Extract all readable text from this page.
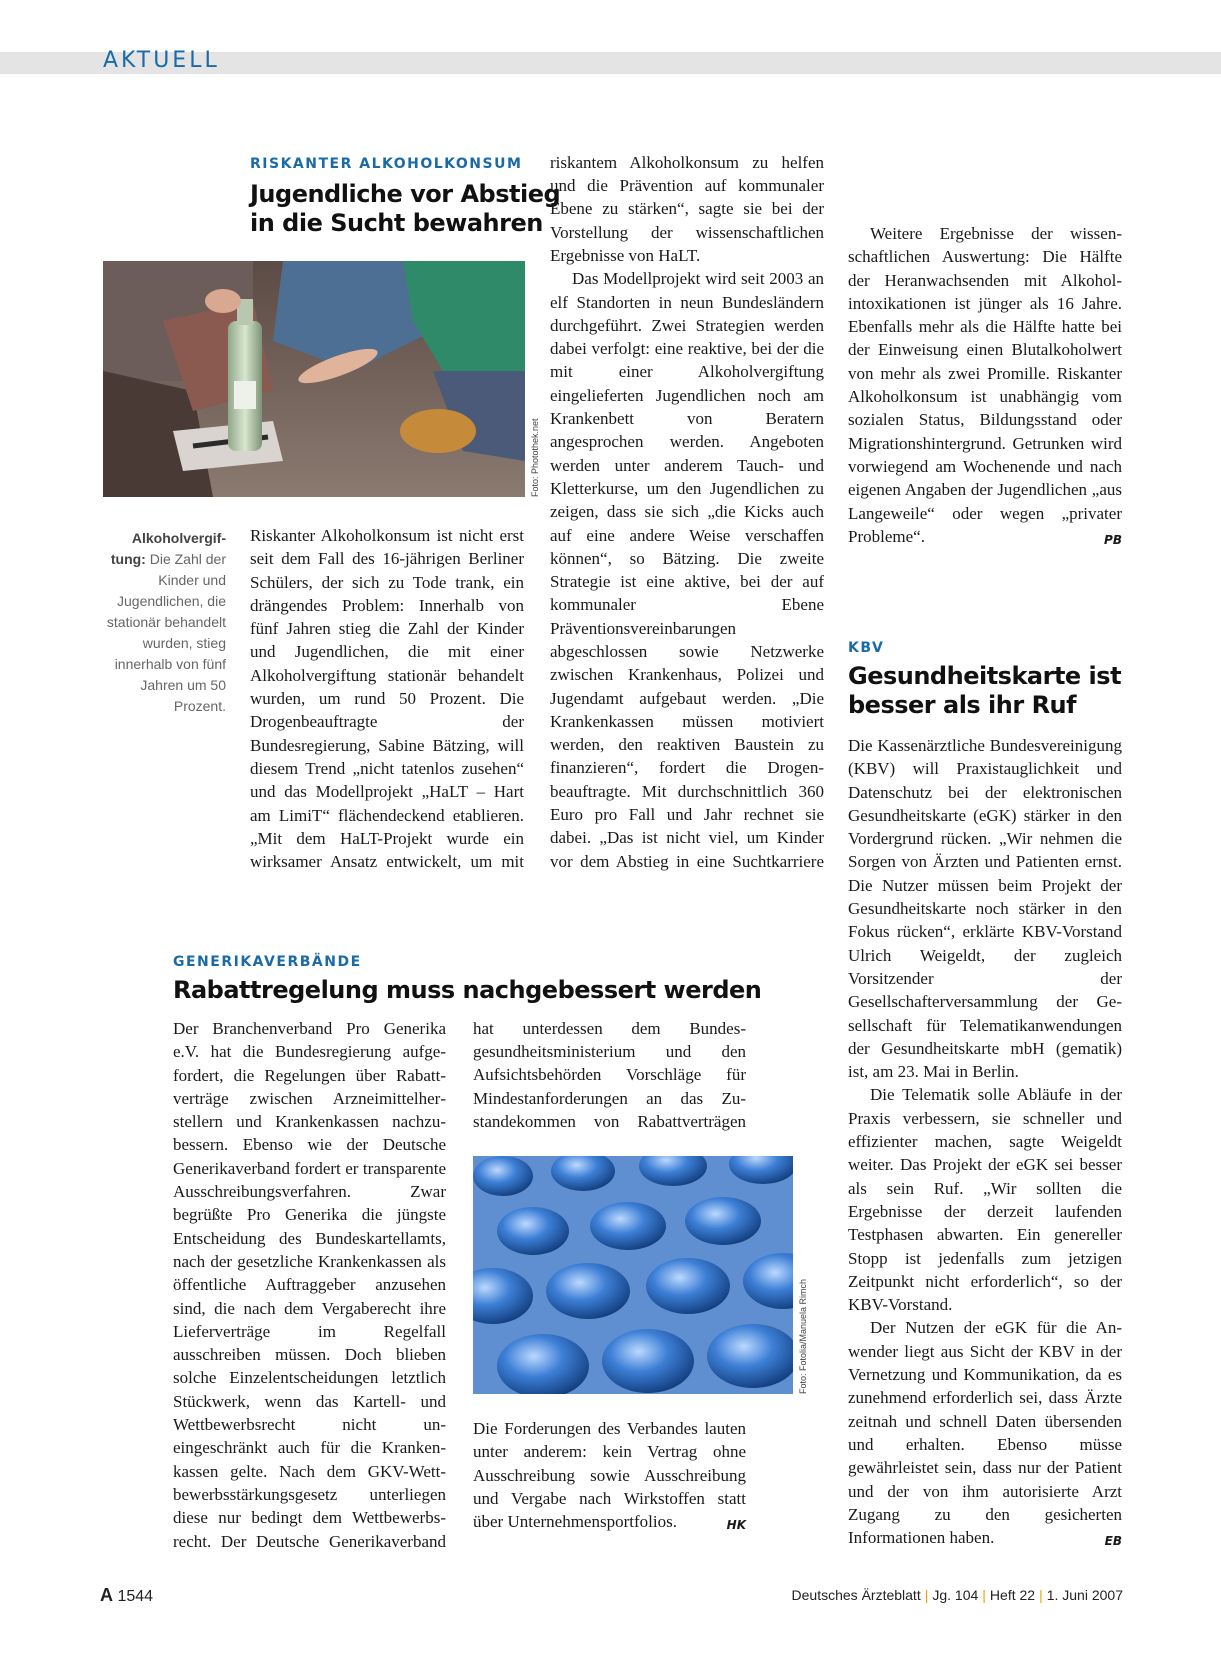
AKTUELL
RISKANTER ALKOHOLKONSUM
Jugendliche vor Abstieg
in die Sucht bewahren
Foto: Photothek.net
Alkoholvergif-tung: Die Zahl der Kinder und Jugendlichen, die stationär behandelt wurden, stieg innerhalb von fünf Jahren um 50 Prozent.

Riskanter Alkoholkonsum ist nicht erst seit dem Fall des 16-jährigen Berliner Schülers, der sich zu Tode trank, ein drängendes Problem: Innerhalb von fünf Jahren stieg die Zahl der Kinder und Jugendlichen, die mit einer Alkoholvergiftung stationär behandelt wurden, um rund 50 Prozent. Die Drogenbeauftragte der Bundesregierung, Sabine Bätzing, will diesem Trend „nicht tatenlos zusehen“ und das Modellprojekt „HaLT – Hart am LimiT“ flächendeckend etablieren. „Mit dem HaLT-Projekt wurde ein wirksamer Ansatz entwickelt, um mit

riskantem Alkoholkonsum zu helfen und die Prävention auf kommunaler Ebene zu stärken“, sagte sie bei der Vorstellung der wissenschaftlichen Ergebnisse von HaLT.

Das Modellprojekt wird seit 2003 an elf Standorten in neun Bundesländern durchgeführt. Zwei Strategien werden dabei verfolgt: eine reaktive, bei der die mit einer Alkoholvergiftung eingelieferten Jugendlichen noch am Krankenbett von Beratern angesprochen werden. Angeboten werden unter anderem Tauch- und Kletterkurse, um den Jugendlichen zu zeigen, dass sie sich „die Kicks auch auf eine andere Weise verschaffen können“, so Bätzing. Die zweite Strategie ist eine aktive, bei der auf kommunaler Ebene Präventionsvereinbarungen abgeschlossen sowie Netzwerke zwischen Krankenhaus, Polizei und Jugendamt aufgebaut werden. „Die Krankenkassen müssen motiviert werden, den reaktiven Baustein zu finanzieren“, fordert die Drogenbeauftragte. Mit durchschnittlich 360 Euro pro Fall und Jahr rechnet sie dabei. „Das ist nicht viel, um Kinder vor dem Abstieg in eine Suchtkarriere

Weitere Ergebnisse der wissenschaftlichen Auswertung: Die Hälfte der Heranwachsenden mit Alkoholintoxikationen ist jünger als 16 Jahre. Ebenfalls mehr als die Hälfte hatte bei der Einweisung einen Blutalkoholwert von mehr als zwei Promille. Riskanter Alkoholkonsum ist unabhängig vom sozialen Status, Bildungsstand oder Migrationshintergrund. Getrunken wird vorwiegend am Wochenende und nach eigenen Angaben der Jugendlichen „aus Langeweile“ oder wegen „privater Probleme“.	PB

KBV
Gesundheitskarte ist
besser als ihr Ruf

Die Kassenärztliche Bundesvereinigung (KBV) will Praxistauglichkeit und Datenschutz bei der elektronischen Gesundheitskarte (eGK) stärker in den Vordergrund rücken. „Wir nehmen die Sorgen von Ärzten und Patienten ernst. Die Nutzer müssen beim Projekt der Gesundheitskarte noch stärker in den Fokus rücken“, erklärte KBV-Vorstand Ulrich Weigeldt, der zugleich Vorsitzender der Gesellschafterversammlung der Gesellschaft für Telematikanwendungen der Gesundheitskarte mbH (gematik) ist, am 23. Mai in Berlin.

Die Telematik solle Abläufe in der Praxis verbessern, sie schneller und effizienter machen, sagte Weigeldt weiter. Das Projekt der eGK sei besser als sein Ruf. „Wir sollten die Ergebnisse der derzeit laufenden Testphasen abwarten. Ein genereller Stopp ist jedenfalls zum jetzigen Zeitpunkt nicht erforderlich“, so der KBV-Vorstand.

Der Nutzen der eGK für die Anwender liegt aus Sicht der KBV in der Vernetzung und Kommunikation, da es zunehmend erforderlich sei, dass Ärzte zeitnah und schnell Daten übersenden und erhalten. Ebenso müsse gewährleistet sein, dass nur der Patient und der von ihm autorisierte Arzt Zugang zu den gesicherten Informationen haben.	EB

GENERIKAVERBÄNDE
Rabattregelung muss nachgebessert werden

Der Branchenverband Pro Generika e.V. hat die Bundesregierung aufgefordert, die Regelungen über Rabattverträge zwischen Arzneimittelherstellern und Krankenkassen nachzubessern. Ebenso wie der Deutsche Generikaverband fordert er transparente Ausschreibungsverfahren. Zwar begrüßte Pro Generika die jüngste Entscheidung des Bundeskartellamts, nach der gesetzliche Krankenkassen als öffentliche Auftraggeber anzusehen sind, die nach dem Vergaberecht ihre Lieferverträge im Regelfall ausschreiben müssen. Doch blieben solche Einzelentscheidungen letztlich Stückwerk, wenn das Kartell- und Wettbewerbsrecht nicht uneingeschränkt auch für die Krankenkassen gelte. Nach dem GKV-Wettbewerbsstärkungsgesetz unterliegen diese nur bedingt dem Wettbewerbsrecht. Der Deutsche Generikaverband

hat unterdessen dem Bundesgesundheitsministerium und den Aufsichtsbehörden Vorschläge für Mindestanforderungen an das Zustandekommen von Rabattverträgen

Foto: Fotolia/Manuela Rimch

Die Forderungen des Verbandes lauten unter anderem: kein Vertrag ohne Ausschreibung sowie Ausschreibung und Vergabe nach Wirkstoffen statt über Unternehmensportfolios.	HK

A 1544	Deutsches Ärzteblatt | Jg. 104 | Heft 22 | 1. Juni 2007
